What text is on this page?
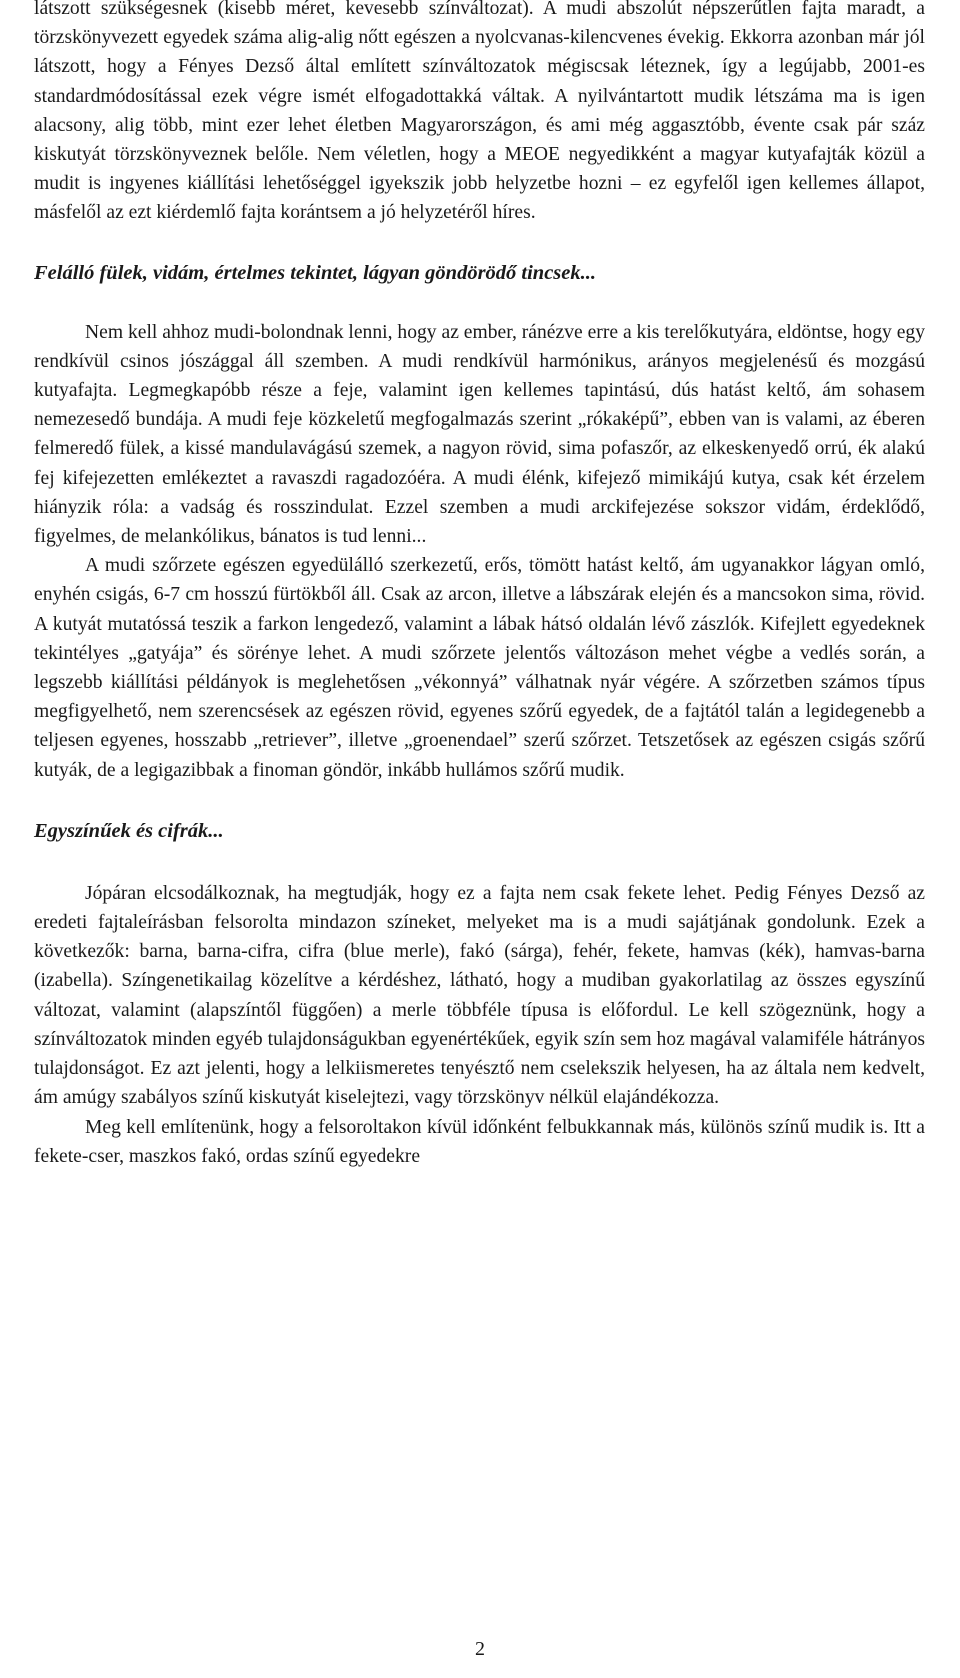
látszott szükségesnek (kisebb méret, kevesebb színváltozat). A mudi abszolút népszerűtlen fajta maradt, a törzskönyvezett egyedek száma alig-alig nőtt egészen a nyolcvanas-kilencvenes évekig. Ekkorra azonban már jól látszott, hogy a Fényes Dezső által említett színváltozatok mégiscsak léteznek, így a legújabb, 2001-es standardmódosítással ezek végre ismét elfogadottakká váltak. A nyilvántartott mudik létszáma ma is igen alacsony, alig több, mint ezer lehet életben Magyarországon, és ami még aggasztóbb, évente csak pár száz kiskutyát törzskönyveznek belőle. Nem véletlen, hogy a MEOE negyedikként a magyar kutyafajták közül a mudit is ingyenes kiállítási lehetőséggel igyekszik jobb helyzetbe hozni – ez egyfelől igen kellemes állapot, másfelől az ezt kiérdemlő fajta korántsem a jó helyzetéről híres.

Felálló fülek, vidám, értelmes tekintet, lágyan göndörödő tincsek...

Nem kell ahhoz mudi-bolondnak lenni, hogy az ember, ránézve erre a kis terelőkutyára, eldöntse, hogy egy rendkívül csinos jószággal áll szemben. A mudi rendkívül harmónikus, arányos megjelenésű és mozgású kutyafajta. Legmegkapóbb része a feje, valamint igen kellemes tapintású, dús hatást keltő, ám sohasem nemezesedő bundája. A mudi feje közkeletű megfogalmazás szerint „rókaképű”, ebben van is valami, az éberen felmeredő fülek, a kissé mandulavágású szemek, a nagyon rövid, sima pofaszőr, az elkeskenyedő orrú, ék alakú fej kifejezetten emlékeztet a ravaszdi ragadozóéra. A mudi élénk, kifejező mimikájú kutya, csak két érzelem hiányzik róla: a vadság és rosszindulat. Ezzel szemben a mudi arckifejezése sokszor vidám, érdeklődő, figyelmes, de melankólikus, bánatos is tud lenni...

A mudi szőrzete egészen egyedülálló szerkezetű, erős, tömött hatást keltő, ám ugyanakkor lágyan omló, enyhén csigás, 6-7 cm hosszú fürtökből áll. Csak az arcon, illetve a lábszárak elején és a mancsokon sima, rövid. A kutyát mutatóssá teszik a farkon lengedező, valamint a lábak hátsó oldalán lévő zászlók. Kifejlett egyedeknek tekintélyes „gatyája” és sörénye lehet. A mudi szőrzete jelentős változáson mehet végbe a vedlés során, a legszebb kiállítási példányok is meglehetősen „vékonnyá” válhatnak nyár végére. A szőrzetben számos típus megfigyelhető, nem szerencsések az egészen rövid, egyenes szőrű egyedek, de a fajtától talán a legidegenebb a teljesen egyenes, hosszabb „retriever”, illetve „groenendael” szerű szőrzet. Tetszetősek az egészen csigás szőrű kutyák, de a legigazibbak a finoman göndör, inkább hullámos szőrű mudik.

Egyszínűek és cifrák...

Jópáran elcsodálkoznak, ha megtudják, hogy ez a fajta nem csak fekete lehet. Pedig Fényes Dezső az eredeti fajtaleírásban felsorolta mindazon színeket, melyeket ma is a mudi sajátjának gondolunk. Ezek a következők: barna, barna-cifra, cifra (blue merle), fakó (sárga), fehér, fekete, hamvas (kék), hamvas-barna (izabella). Színgenetikailag közelítve a kérdéshez, látható, hogy a mudiban gyakorlatilag az összes egyszínű változat, valamint (alapszíntől függően) a merle többféle típusa is előfordul. Le kell szögeznünk, hogy a színváltozatok minden egyéb tulajdonságukban egyenértékűek, egyik szín sem hoz magával valamiféle hátrányos tulajdonságot. Ez azt jelenti, hogy a lelkiismeretes tenyésztő nem cselekszik helyesen, ha az általa nem kedvelt, ám amúgy szabályos színű kiskutyát kiselejtezi, vagy törzskönyv nélkül elajándékozza.

Meg kell említenünk, hogy a felsoroltakon kívül időnként felbukkannak más, különös színű mudik is. Itt a fekete-cser, maszkos fakó, ordas színű egyedekre

2
